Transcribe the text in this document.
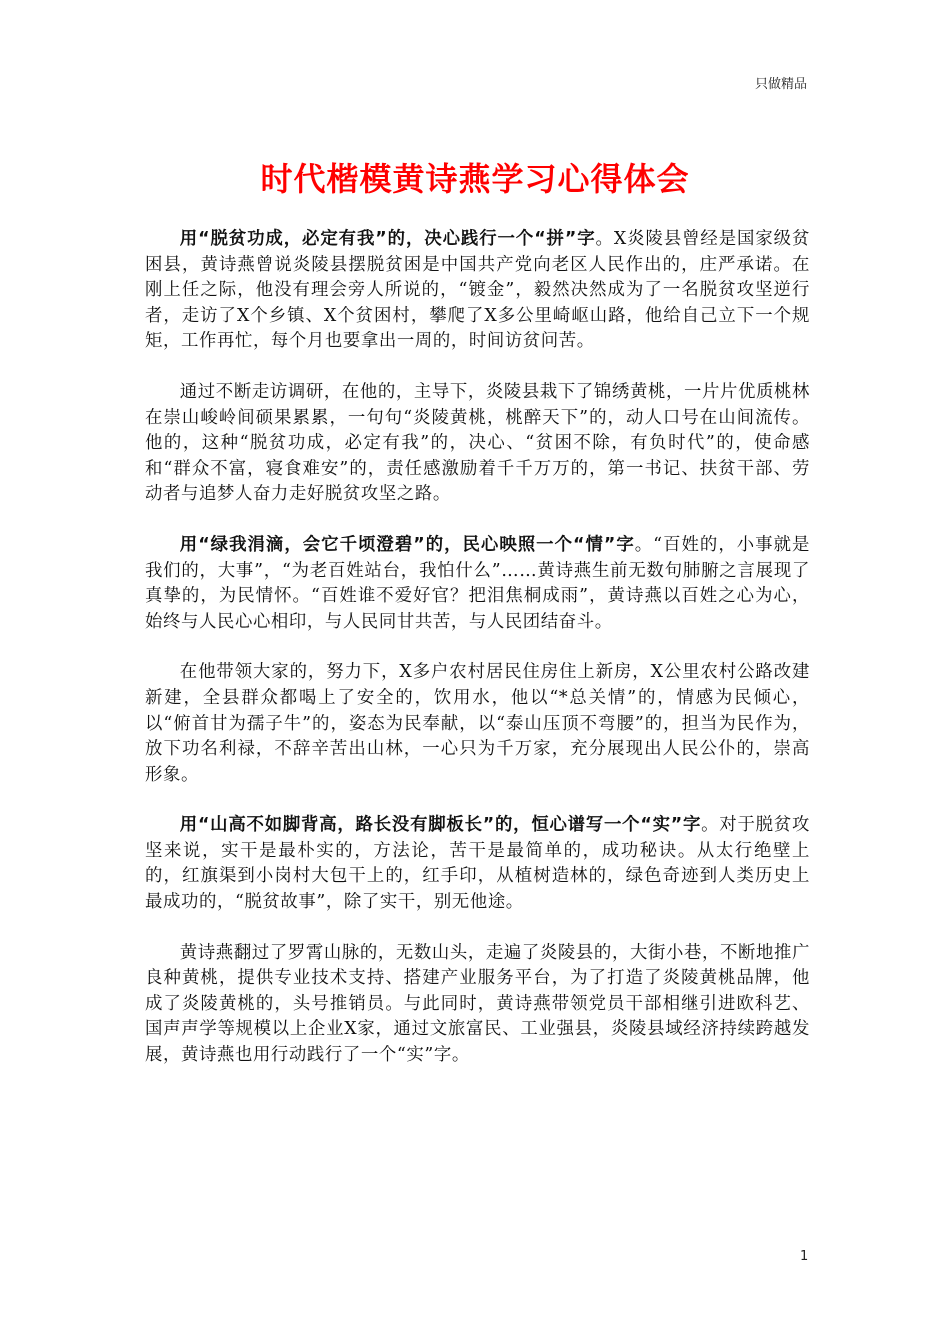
只做精品
时代楷模黄诗燕学习心得体会

用“脱贫功成，必定有我”的，决心践行一个“拼”字。X炎陵县曾经是国家级贫困县，黄诗燕曾说炎陵县摆脱贫困是中国共产党向老区人民作出的，庄严承诺。在刚上任之际，他没有理会旁人所说的，“镀金”，毅然决然成为了一名脱贫攻坚逆行者，走访了X个乡镇、X个贫困村，攀爬了X多公里崎岖山路，他给自己立下一个规矩，工作再忙，每个月也要拿出一周的，时间访贫问苦。

通过不断走访调研，在他的，主导下，炎陵县栽下了锦绣黄桃，一片片优质桃林在崇山峻岭间硕果累累，一句句“炎陵黄桃，桃醉天下”的，动人口号在山间流传。他的，这种“脱贫功成，必定有我”的，决心、“贫困不除，有负时代”的，使命感和“群众不富，寝食难安”的，责任感激励着千千万万的，第一书记、扶贫干部、劳动者与追梦人奋力走好脱贫攻坚之路。

用“绿我涓滴，会它千顷澄碧”的，民心映照一个“情”字。“百姓的，小事就是我们的，大事”，“为老百姓站台，我怕什么”……黄诗燕生前无数句肺腑之言展现了真挚的，为民情怀。“百姓谁不爱好官？把泪焦桐成雨”，黄诗燕以百姓之心为心，始终与人民心心相印，与人民同甘共苦，与人民团结奋斗。

在他带领大家的，努力下，X多户农村居民住房住上新房，X公里农村公路改建新建，全县群众都喝上了安全的，饮用水，他以“*总关情”的，情感为民倾心，以“俯首甘为孺子牛”的，姿态为民奉献，以“泰山压顶不弯腰”的，担当为民作为，放下功名利禄，不辞辛苦出山林，一心只为千万家，充分展现出人民公仆的，崇高形象。

用“山高不如脚背高，路长没有脚板长”的，恒心谱写一个“实”字。对于脱贫攻坚来说，实干是最朴实的，方法论，苦干是最简单的，成功秘诀。从太行绝壁上的，红旗渠到小岗村大包干上的，红手印，从植树造林的，绿色奇迹到人类历史上最成功的，“脱贫故事”，除了实干，别无他途。

黄诗燕翻过了罗霄山脉的，无数山头，走遍了炎陵县的，大街小巷，不断地推广良种黄桃，提供专业技术支持、搭建产业服务平台，为了打造了炎陵黄桃品牌，他成了炎陵黄桃的，头号推销员。与此同时，黄诗燕带领党员干部相继引进欧科艺、国声声学等规模以上企业X家，通过文旅富民、工业强县，炎陵县域经济持续跨越发展，黄诗燕也用行动践行了一个“实”字。

1
